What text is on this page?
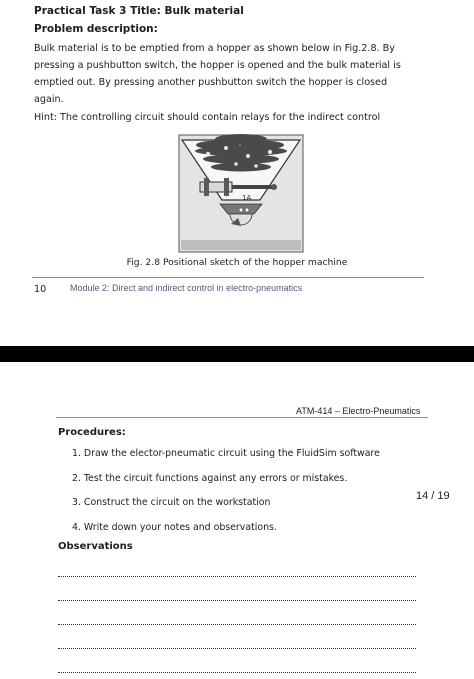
Practical Task 3 Title: Bulk material
Problem description:
Bulk material is to be emptied from a hopper as shown below in Fig.2.8. By
pressing a pushbutton switch, the hopper is opened and the bulk material is
emptied out. By pressing another pushbutton switch the hopper is closed
again.
Hint: The controlling circuit should contain relays for the indirect control
1A
Fig. 2.8 Positional sketch of the hopper machine
10	Module 2: Direct and indirect control in electro-pneumatics
ATM-414 – Electro-Pneumatics
Procedures:
1. Draw the elector-pneumatic circuit using the FluidSim software
2. Test the circuit functions against any errors or mistakes.
3. Construct the circuit on the workstation
4. Write down your notes and observations.
14 / 19
Observations
